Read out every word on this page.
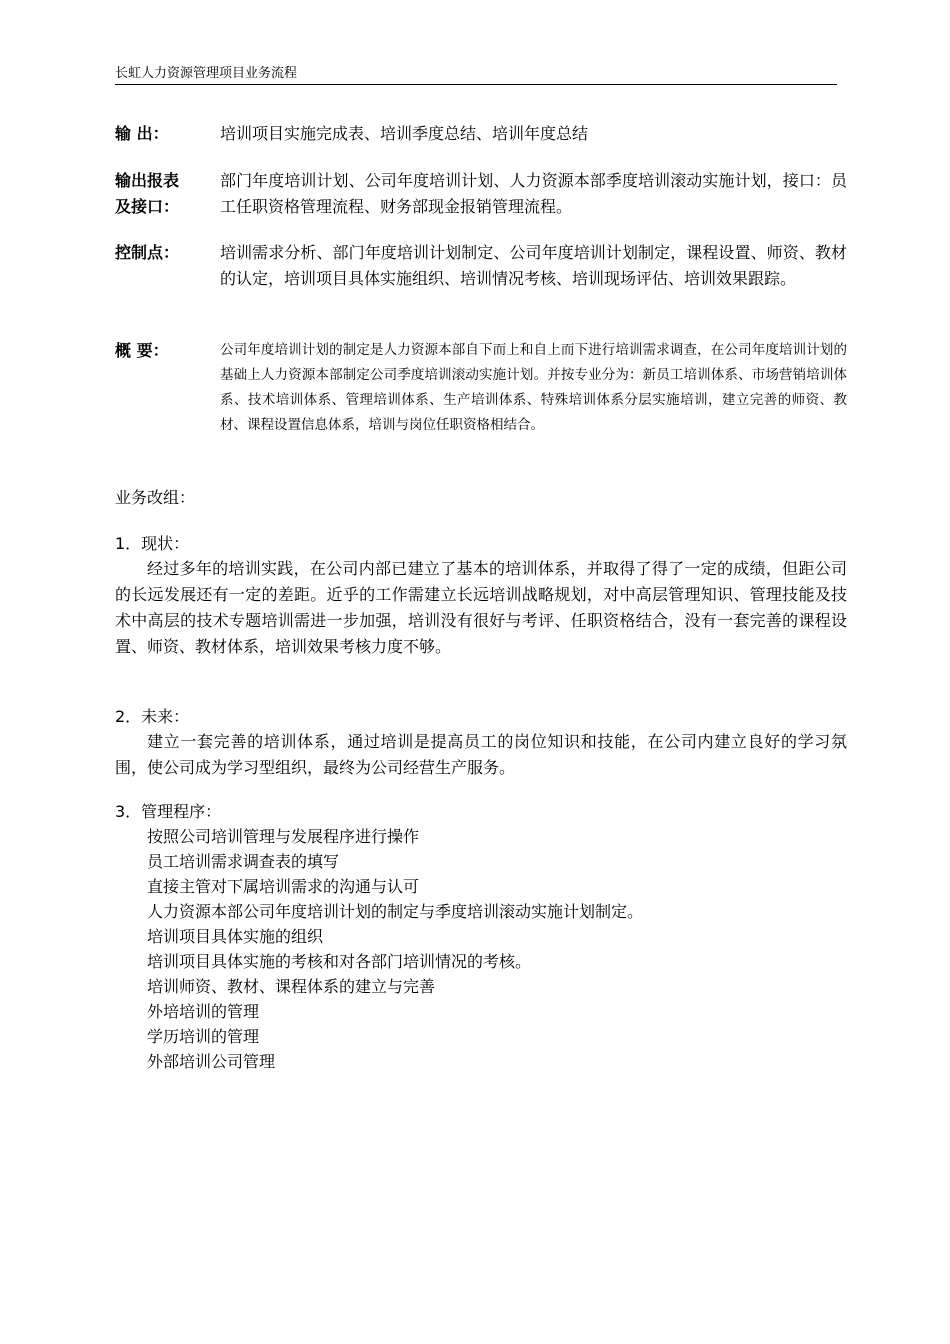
长虹人力资源管理项目业务流程
输 出：	培训项目实施完成表、培训季度总结、培训年度总结
输出报表
及接口：
部门年度培训计划、公司年度培训计划、人力资源本部季度培训滚动实施计划，接口：员工任职资格管理流程、财务部现金报销管理流程。
控制点：	培训需求分析、部门年度培训计划制定、公司年度培训计划制定，课程设置、师资、教材的认定，培训项目具体实施组织、培训情况考核、培训现场评估、培训效果跟踪。
概 要：	公司年度培训计划的制定是人力资源本部自下而上和自上而下进行培训需求调查，在公司年度培训计划的基础上人力资源本部制定公司季度培训滚动实施计划。并按专业分为：新员工培训体系、市场营销培训体系、技术培训体系、管理培训体系、生产培训体系、特殊培训体系分层实施培训，建立完善的师资、教材、课程设置信息体系，培训与岗位任职资格相结合。
业务改组：
1．现状：
经过多年的培训实践，在公司内部已建立了基本的培训体系，并取得了得了一定的成绩，但距公司的长远发展还有一定的差距。近乎的工作需建立长远培训战略规划，对中高层管理知识、管理技能及技术中高层的技术专题培训需进一步加强，培训没有很好与考评、任职资格结合，没有一套完善的课程设置、师资、教材体系，培训效果考核力度不够。
2．未来：
建立一套完善的培训体系，通过培训是提高员工的岗位知识和技能，在公司内建立良好的学习氛围，使公司成为学习型组织，最终为公司经营生产服务。
3．管理程序：
按照公司培训管理与发展程序进行操作
员工培训需求调查表的填写
直接主管对下属培训需求的沟通与认可
人力资源本部公司年度培训计划的制定与季度培训滚动实施计划制定。
培训项目具体实施的组织
培训项目具体实施的考核和对各部门培训情况的考核。
培训师资、教材、课程体系的建立与完善
外培培训的管理
学历培训的管理
外部培训公司管理
